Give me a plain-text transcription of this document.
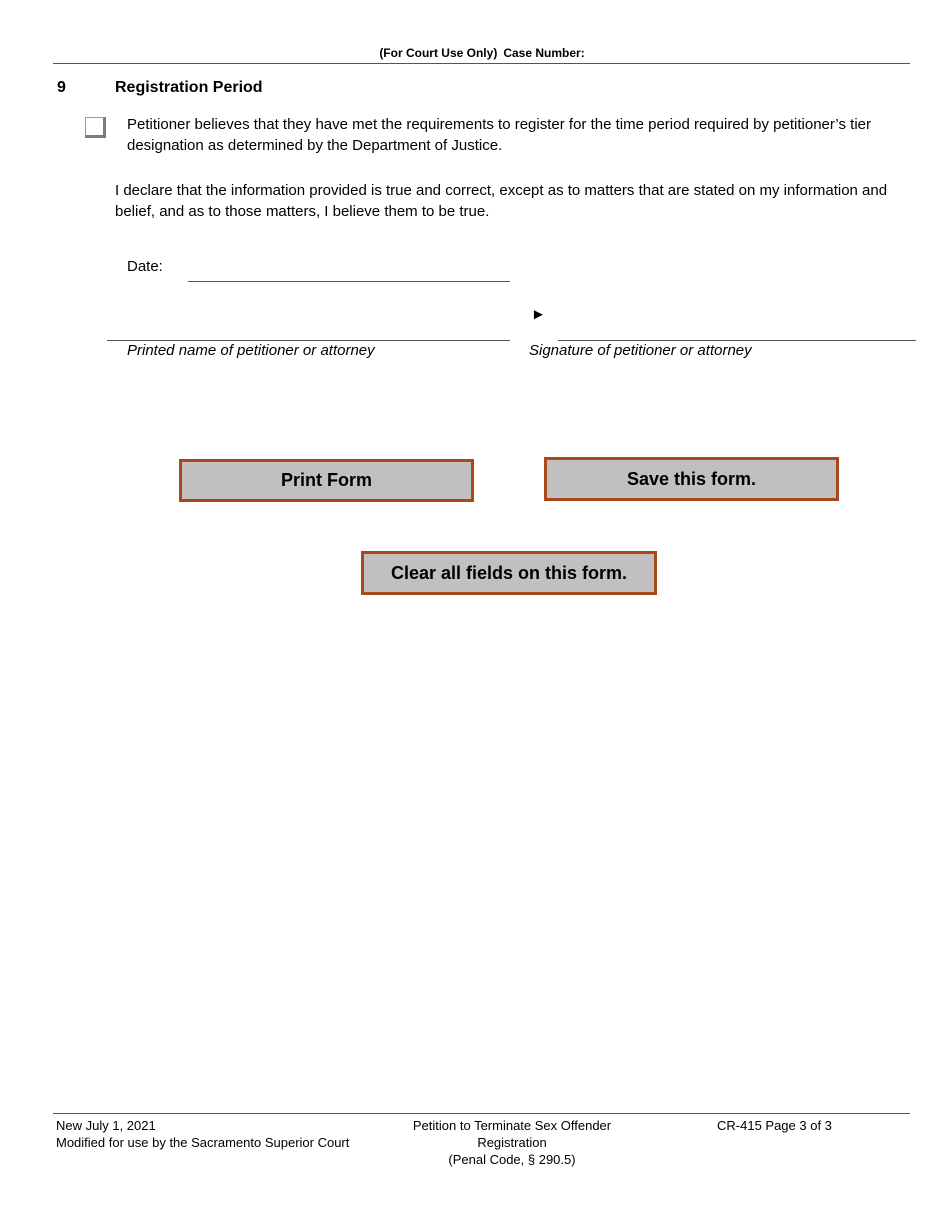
(For Court Use Only) Case Number:
9	Registration Period
Petitioner believes that they have met the requirements to register for the time period required by petitioner’s tier designation as determined by the Department of Justice.
I declare that the information provided is true and correct, except as to matters that are stated on my information and belief, and as to those matters, I believe them to be true.
Date:
►
Printed name of petitioner or attorney	Signature of petitioner or attorney
Print Form	Save this form.
Clear all fields on this form.
New July 1, 2021
Modified for use by the Sacramento Superior Court
Petition to Terminate Sex Offender Registration
(Penal Code, § 290.5)
CR-415 Page 3 of 3
